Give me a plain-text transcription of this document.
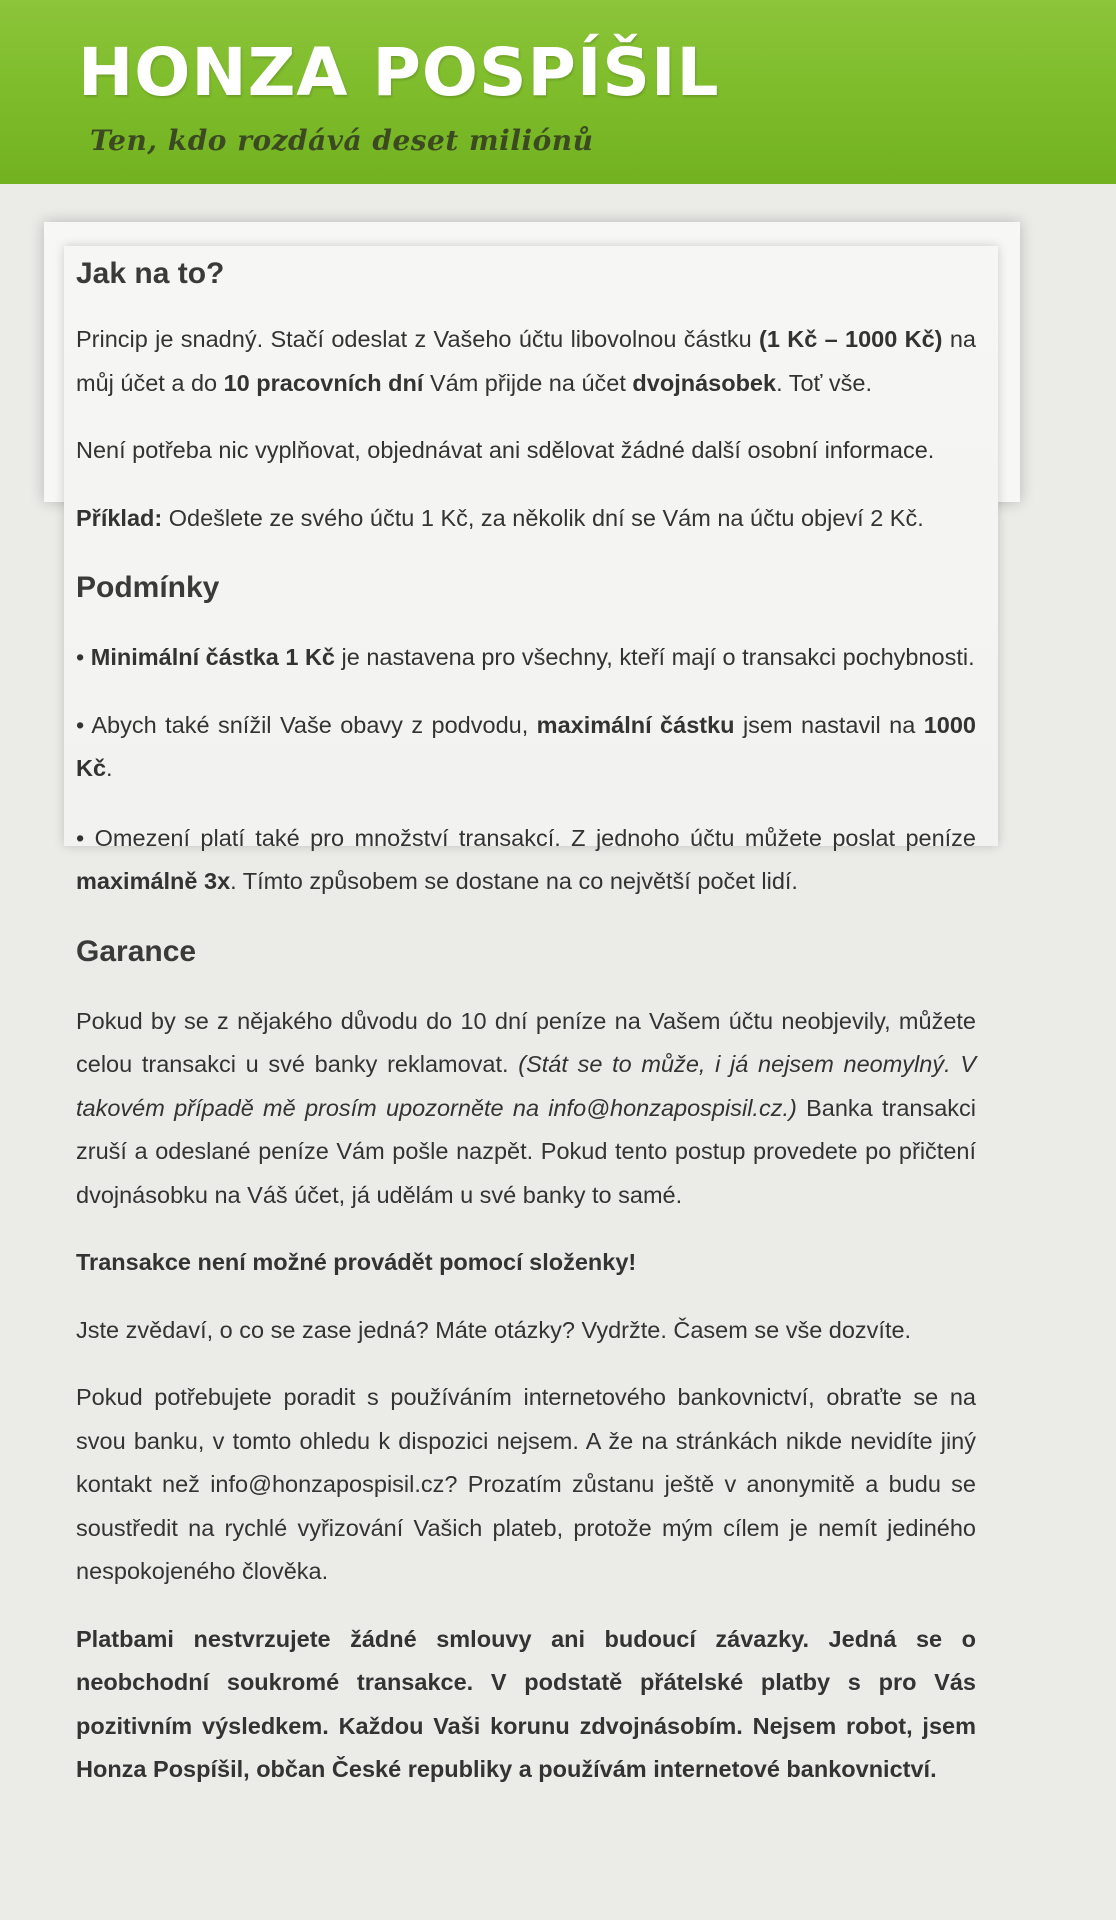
HONZA POSPÍŠIL
Ten, kdo rozdává deset miliónů
Jak na to?

Princip je snadný. Stačí odeslat z Vašeho účtu libovolnou částku (1 Kč – 1000 Kč) na můj účet a do 10 pracovních dní Vám přijde na účet dvojnásobek. Toť vše.

Není potřeba nic vyplňovat, objednávat ani sdělovat žádné další osobní informace.

Příklad: Odešlete ze svého účtu 1 Kč, za několik dní se Vám na účtu objeví 2 Kč.

Podmínky

• Minimální částka 1 Kč je nastavena pro všechny, kteří mají o transakci pochybnosti.

• Abych také snížil Vaše obavy z podvodu, maximální částku jsem nastavil na 1000 Kč.

• Omezení platí také pro množství transakcí. Z jednoho účtu můžete poslat peníze maximálně 3x. Tímto způsobem se dostane na co největší počet lidí.

Garance

Pokud by se z nějakého důvodu do 10 dní peníze na Vašem účtu neobjevily, můžete celou transakci u své banky reklamovat. (Stát se to může, i já nejsem neomylný. V takovém případě mě prosím upozorněte na info@honzapospisil.cz.) Banka transakci zruší a odeslané peníze Vám pošle nazpět. Pokud tento postup provedete po přičtení dvojnásobku na Váš účet, já udělám u své banky to samé.

Transakce není možné provádět pomocí složenky!

Jste zvědaví, o co se zase jedná? Máte otázky? Vydržte. Časem se vše dozvíte.

Pokud potřebujete poradit s používáním internetového bankovnictví, obraťte se na svou banku, v tomto ohledu k dispozici nejsem. A že na stránkách nikde nevidíte jiný kontakt než info@honzapospisil.cz? Prozatím zůstanu ještě v anonymitě a budu se soustředit na rychlé vyřizování Vašich plateb, protože mým cílem je nemít jediného nespokojeného člověka.

Platbami nestvrzujete žádné smlouvy ani budoucí závazky. Jedná se o neobchodní soukromé transakce. V podstatě přátelské platby s pro Vás pozitivním výsledkem. Každou Vaši korunu zdvojnásobím. Nejsem robot, jsem Honza Pospíšil, občan České republiky a používám internetové bankovnictví.
